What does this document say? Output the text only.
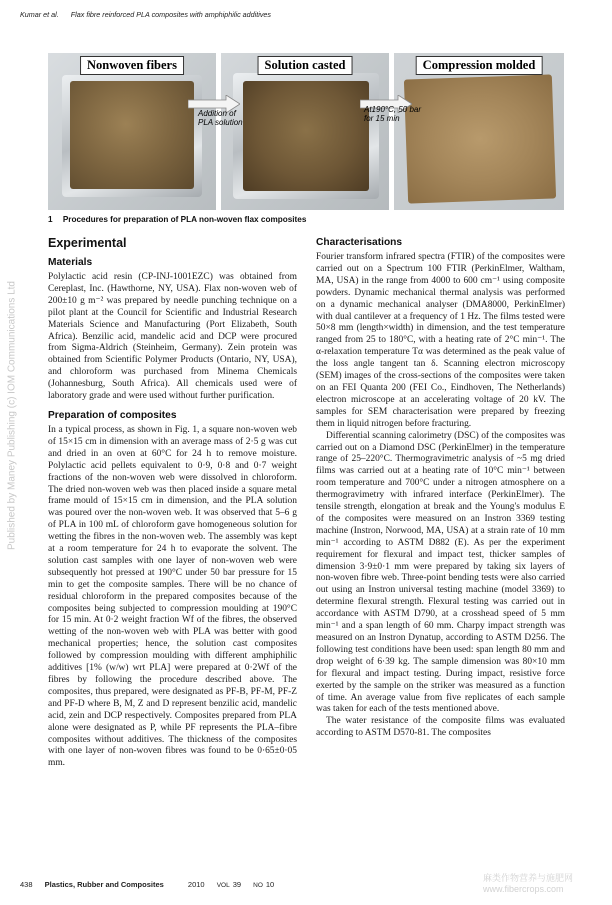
Kumar et al. Flax fibre reinforced PLA composites with amphiphilic additives
Published by Maney Publishing (c) IOM Communications Ltd
Nonwoven fibers	Solution casted	Compression molded
Addition of
PLA solution
At190°C, 50 bar
for 15 min
1 Procedures for preparation of PLA non-woven flax composites
Experimental
Materials

Polylactic acid resin (CP-INJ-1001EZC) was obtained from Cereplast, Inc. (Hawthorne, NY, USA). Flax non-woven web of 200±10 g m⁻² was prepared by needle punching technique on a pilot plant at the Council for Scientific and Industrial Research Materials Science and Manufacturing (Port Elizabeth, South Africa). Benzilic acid, mandelic acid and DCP were procured from Sigma-Aldrich (Steinheim, Germany). Zein protein was obtained from Scientific Polymer Products (Ontario, NY, USA), and chloroform was purchased from Minema Chemicals (Johannesburg, South Africa). All chemicals used were of laboratory grade and were used without further purification.

Preparation of composites

In a typical process, as shown in Fig. 1, a square non-woven web of 15×15 cm in dimension with an average mass of 2·5 g was cut and dried in an oven at 60°C for 24 h to remove moisture. Polylactic acid pellets equivalent to 0·9, 0·8 and 0·7 weight fractions of the non-woven web were dissolved in chloroform. The dried non-woven web was then placed inside a square metal frame mould of 15×15 cm in dimension, and the PLA solution was poured over the non-woven web. It was observed that 5–6 g of PLA in 100 mL of chloroform gave homogeneous solution for wetting the fibres in the non-woven web. The assembly was kept at a room temperature for 24 h to evaporate the solvent. The solution cast samples with one layer of non-woven web were subsequently hot pressed at 190°C under 50 bar pressure for 15 min to get the composite samples. There will be no chance of residual chloroform in the prepared composites because of the composites being subjected to compression moulding at 190°C for 15 min. At 0·2 weight fraction Wf of the fibres, the observed wetting of the non-woven web with PLA was better with good mechanical properties; hence, the solution cast composites followed by compression moulding with different amphiphilic additives [1% (w/w) wrt PLA] were prepared at 0·2Wf of the fibres by following the procedure described above. The composites, thus prepared, were designated as PF-B, PF-M, PF-Z and PF-D where B, M, Z and D represent benzilic acid, mandelic acid, zein and DCP respectively. Composites prepared from PLA alone were designated as P, while PF represents the PLA–fibre composites without additives. The thickness of the composites with one layer of non-woven fibres was found to be 0·65±0·05 mm.

Characterisations

Fourier transform infrared spectra (FTIR) of the composites were carried out on a Spectrum 100 FTIR (PerkinElmer, Waltham, MA, USA) in the range from 4000 to 600 cm⁻¹ using composite powders. Dynamic mechanical thermal analysis was performed on a dynamic mechanical analyser (DMA8000, PerkinElmer) with dual cantilever at a frequency of 1 Hz. The films tested were 50×8 mm (length×width) in dimension, and the test temperature ranged from 25 to 180°C, with a heating rate of 2°C min⁻¹. The α-relaxation temperature Tα was determined as the peak value of the loss angle tangent tan δ. Scanning electron microscopy (SEM) images of the cross-sections of the composites were taken on an FEI Quanta 200 (FEI Co., Eindhoven, The Netherlands) electron microscope at an accelerating voltage of 20 kV. The samples for SEM characterisation were prepared by freezing them in liquid nitrogen before fracturing.

Differential scanning calorimetry (DSC) of the composites was carried out on a Diamond DSC (PerkinElmer) in the temperature range of 25–220°C. Thermogravimetric analysis of ~5 mg dried films was carried out at a heating rate of 10°C min⁻¹ between room temperature and 700°C under a nitrogen atmosphere on a thermogravimetry with infrared interface (PerkinElmer). The tensile strength, elongation at break and the Young's modulus E of the composites were measured on an Instron 3369 testing machine (Instron, Norwood, MA, USA) at a strain rate of 10 mm min⁻¹ according to ASTM D882 (E). As per the experiment requirement for flexural and impact test, thicker samples of dimension 3·9±0·1 mm were prepared by taking six layers of non-woven fibre web. Three-point bending tests were also carried out using an Instron universal testing machine (model 3369) to determine flexural strength. Flexural testing was carried out in accordance with ASTM D790, at a crosshead speed of 5 mm min⁻¹ and a span length of 60 mm. Charpy impact strength was measured on an Instron Dynatup, according to ASTM D256. The following test conditions have been used: span length 80 mm and drop weight of 6·39 kg. The sample dimension was 80×10 mm for flexural and impact testing. During impact, resistive force exerted by the sample on the striker was measured as a function of time. An average value from five replicates of each sample was taken for each of the tests mentioned above.

The water resistance of the composite films was evaluated according to ASTM D570-81. The composites

438 Plastics, Rubber and Composites	2010 VOL 39 NO 10
麻类作物营养与施肥网
www.fibercrops.com
